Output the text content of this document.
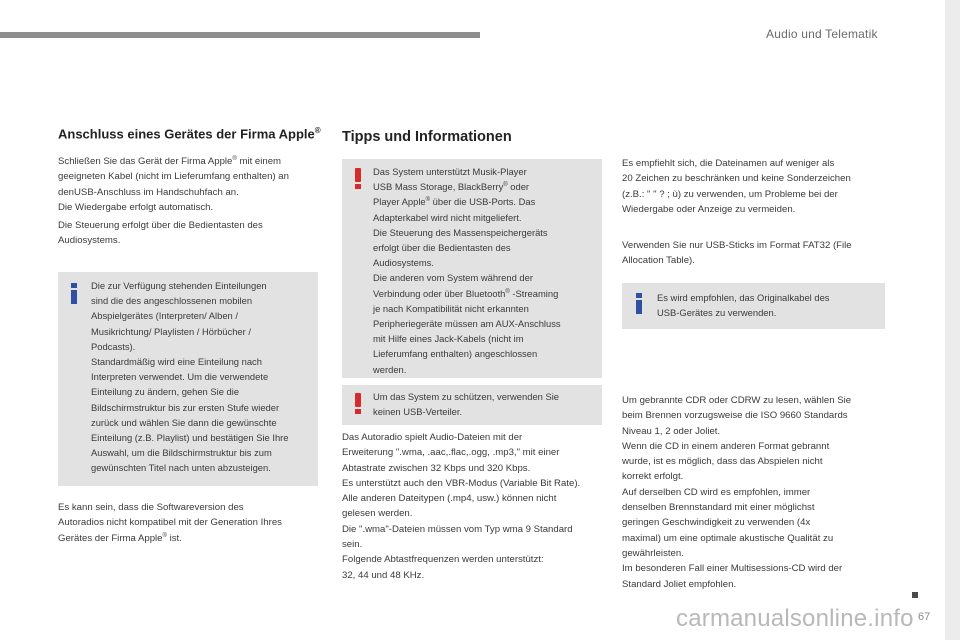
Audio und Telematik
Anschluss eines Gerätes der Firma Apple®
Schließen Sie das Gerät der Firma Apple® mit einem
geeigneten Kabel (nicht im Lieferumfang enthalten) an
denUSB-Anschluss im Handschuhfach an.
Die Wiedergabe erfolgt automatisch.
Die Steuerung erfolgt über die Bedientasten des
Audiosystems.
Die zur Verfügung stehenden Einteilungen
sind die des angeschlossenen mobilen
Abspielgerätes (Interpreten/ Alben /
Musikrichtung/ Playlisten / Hörbücher /
Podcasts).
Standardmäßig wird eine Einteilung nach
Interpreten verwendet. Um die verwendete
Einteilung zu ändern, gehen Sie die
Bildschirmstruktur bis zur ersten Stufe wieder
zurück und wählen Sie dann die gewünschte
Einteilung (z.B. Playlist) und bestätigen Sie Ihre
Auswahl, um die Bildschirmstruktur bis zum
gewünschten Titel nach unten abzusteigen.
Es kann sein, dass die Softwareversion des
Autoradios nicht kompatibel mit der Generation Ihres
Gerätes der Firma Apple® ist.
Tipps und Informationen
Das System unterstützt Musik-Player
USB Mass Storage, BlackBerry® oder
Player Apple® über die USB-Ports. Das
Adapterkabel wird nicht mitgeliefert.
Die Steuerung des Massenspeichergeräts
erfolgt über die Bedientasten des
Audiosystems.
Die anderen vom System während der
Verbindung oder über Bluetooth® -Streaming
je nach Kompatibilität nicht erkannten
Peripheriegeräte müssen am AUX-Anschluss
mit Hilfe eines Jack-Kabels (nicht im
Lieferumfang enthalten) angeschlossen
werden.
Um das System zu schützen, verwenden Sie
keinen USB-Verteiler.
Das Autoradio spielt Audio-Dateien mit der
Erweiterung ".wma, .aac,.flac,.ogg, .mp3," mit einer
Abtastrate zwischen 32 Kbps und 320 Kbps.
Es unterstützt auch den VBR-Modus (Variable Bit Rate).
Alle anderen Dateitypen (.mp4, usw.) können nicht
gelesen werden.
Die ".wma"-Dateien müssen vom Typ wma 9 Standard
sein.
Folgende Abtastfrequenzen werden unterstützt:
32, 44 und 48 KHz.
Es empfiehlt sich, die Dateinamen auf weniger als
20 Zeichen zu beschränken und keine Sonderzeichen
(z.B.: " " ? ; ù) zu verwenden, um Probleme bei der
Wiedergabe oder Anzeige zu vermeiden.
Verwenden Sie nur USB-Sticks im Format FAT32 (File
Allocation Table).
Es wird empfohlen, das Originalkabel des
USB-Gerätes zu verwenden.
Um gebrannte CDR oder CDRW zu lesen, wählen Sie
beim Brennen vorzugsweise die ISO 9660 Standards
Niveau 1, 2 oder Joliet.
Wenn die CD in einem anderen Format gebrannt
wurde, ist es möglich, dass das Abspielen nicht
korrekt erfolgt.
Auf derselben CD wird es empfohlen, immer
denselben Brennstandard mit einer möglichst
geringen Geschwindigkeit zu verwenden (4x
maximal) um eine optimale akustische Qualität zu
gewährleisten.
Im besonderen Fall einer Multisessions-CD wird der
Standard Joliet empfohlen.
67
carmanualsonline.info
